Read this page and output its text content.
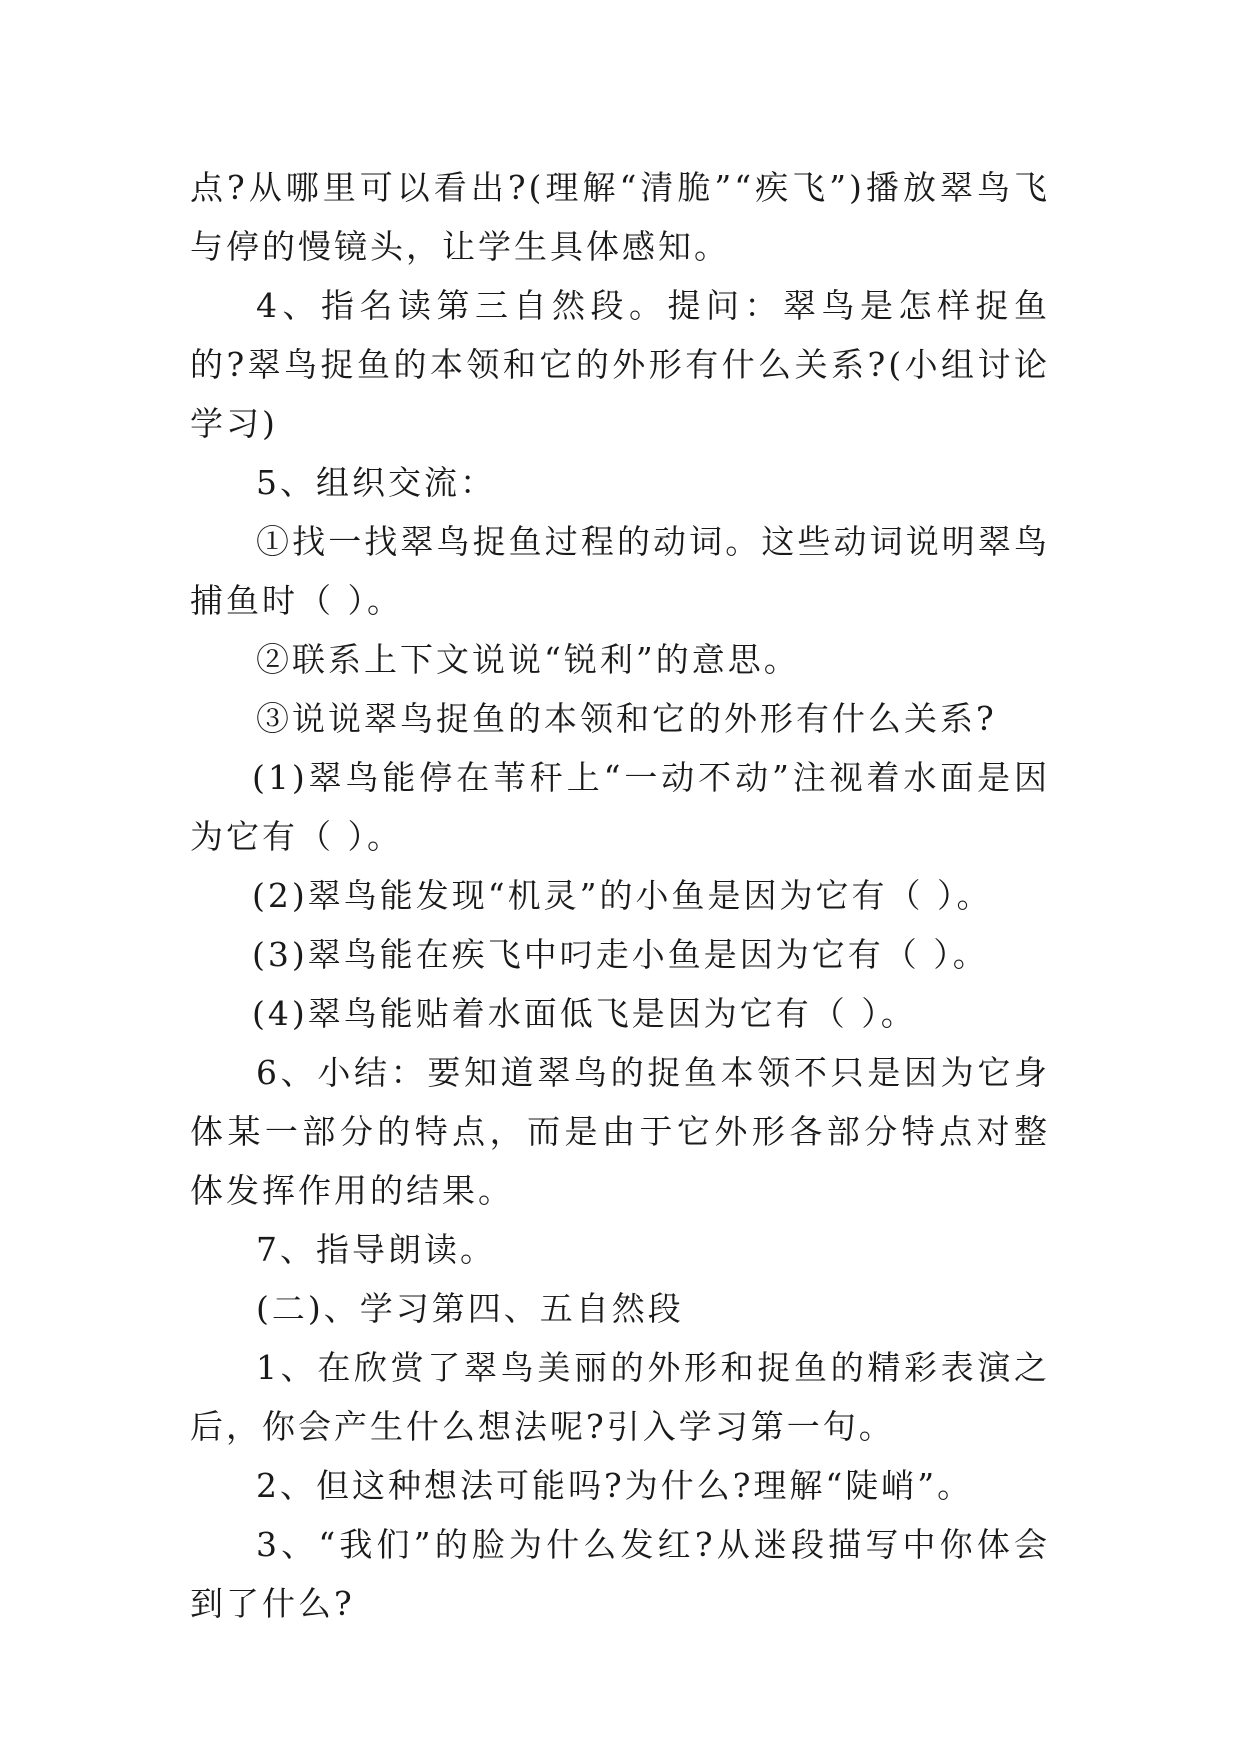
点?从哪里可以看出?(理解“清脆”“疾飞”)播放翠鸟飞与停的慢镜头，让学生具体感知。

4、指名读第三自然段。提问：翠鸟是怎样捉鱼的?翠鸟捉鱼的本领和它的外形有什么关系?(小组讨论学习)

5、组织交流：

①找一找翠鸟捉鱼过程的动词。这些动词说明翠鸟捕鱼时（ ）。

②联系上下文说说“锐利”的意思。

③说说翠鸟捉鱼的本领和它的外形有什么关系?

(1)翠鸟能停在苇秆上“一动不动”注视着水面是因为它有（ ）。

(2)翠鸟能发现“机灵”的小鱼是因为它有（ ）。

(3)翠鸟能在疾飞中叼走小鱼是因为它有（ ）。

(4)翠鸟能贴着水面低飞是因为它有（ ）。

6、小结：要知道翠鸟的捉鱼本领不只是因为它身体某一部分的特点，而是由于它外形各部分特点对整体发挥作用的结果。

7、指导朗读。

(二)、学习第四、五自然段

1、在欣赏了翠鸟美丽的外形和捉鱼的精彩表演之后，你会产生什么想法呢?引入学习第一句。

2、但这种想法可能吗?为什么?理解“陡峭”。

3、“我们”的脸为什么发红?从迷段描写中你体会到了什么?
